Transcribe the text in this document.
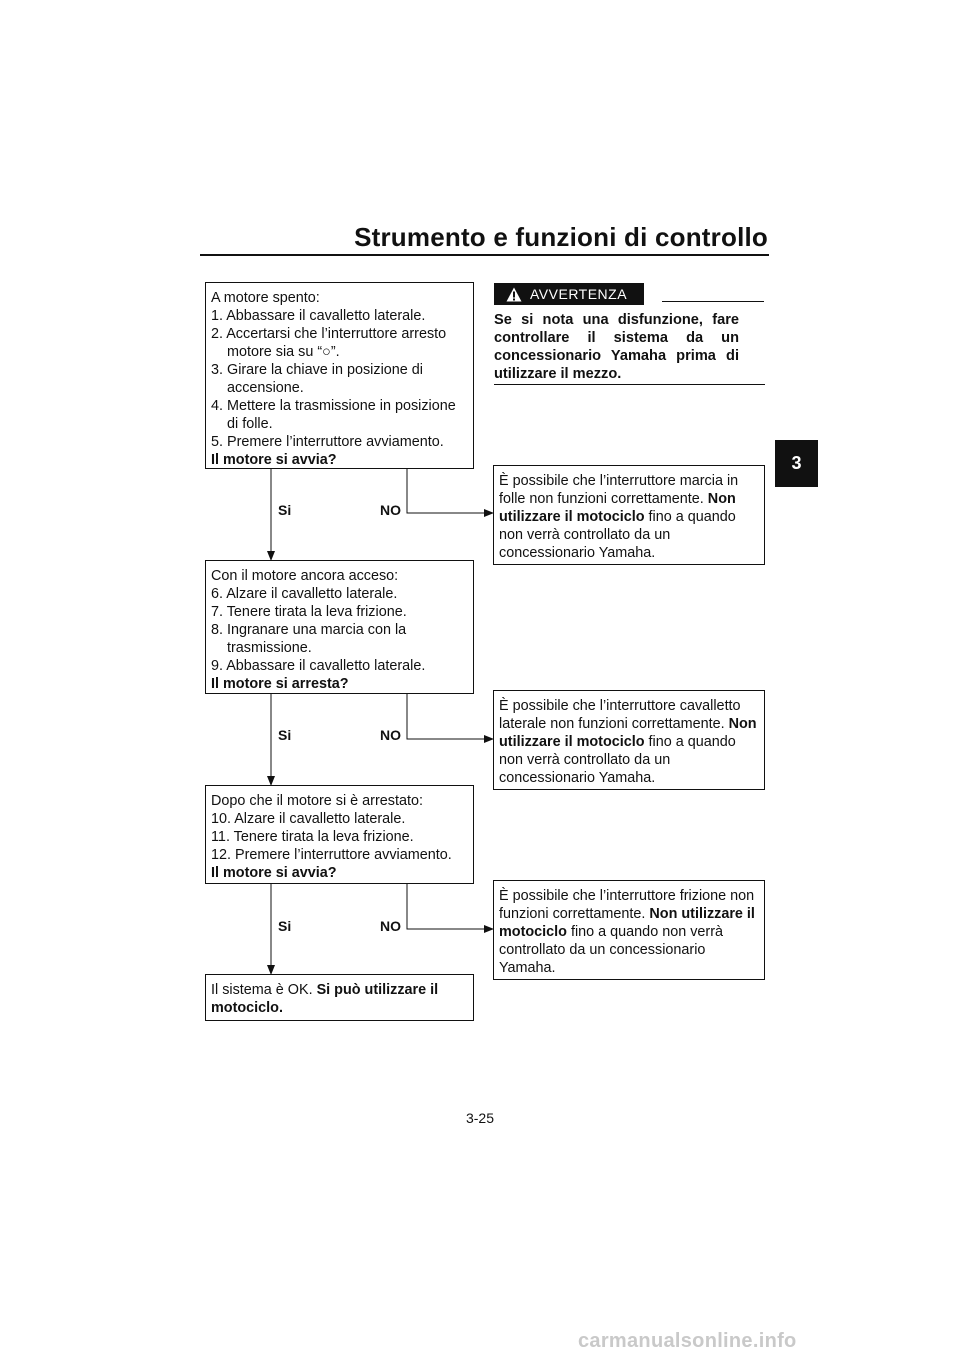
Strumento e funzioni di controllo
3

A motore spento:

1. Abbassare il cavalletto laterale.

2. Accertarsi che l’interruttore arresto motore sia su “○”.

3. Girare la chiave in posizione di accensione.

4. Mettere la trasmissione in posizione di folle.

5. Premere l’interruttore avviamento.

Il motore si avvia?

Con il motore ancora acceso:

6. Alzare il cavalletto laterale.

7. Tenere tirata la leva frizione.

8. Ingranare una marcia con la trasmissione.

9. Abbassare il cavalletto laterale.

Il motore si arresta?

Dopo che il motore si è arrestato:

10. Alzare il cavalletto laterale.

11. Tenere tirata la leva frizione.

12. Premere l’interruttore avviamento.

Il motore si avvia?

Il sistema è OK. Si può utilizzare il motociclo.

Si	NO
Si	NO
Si	NO
AVVERTENZA
Se si nota una disfunzione, fare controllare il sistema da un concessionario Yamaha prima di utilizzare il mezzo.

È possibile che l’interruttore marcia in folle non funzioni correttamente. Non utilizzare il motociclo fino a quando non verrà controllato da un concessionario Yamaha.

È possibile che l’interruttore cavalletto laterale non funzioni correttamente. Non utilizzare il motociclo fino a quando non verrà controllato da un concessionario Yamaha.

È possibile che l’interruttore frizione non funzioni correttamente. Non utilizzare il motociclo fino a quando non verrà controllato da un concessionario Yamaha.

3-25
carmanualsonline.info
